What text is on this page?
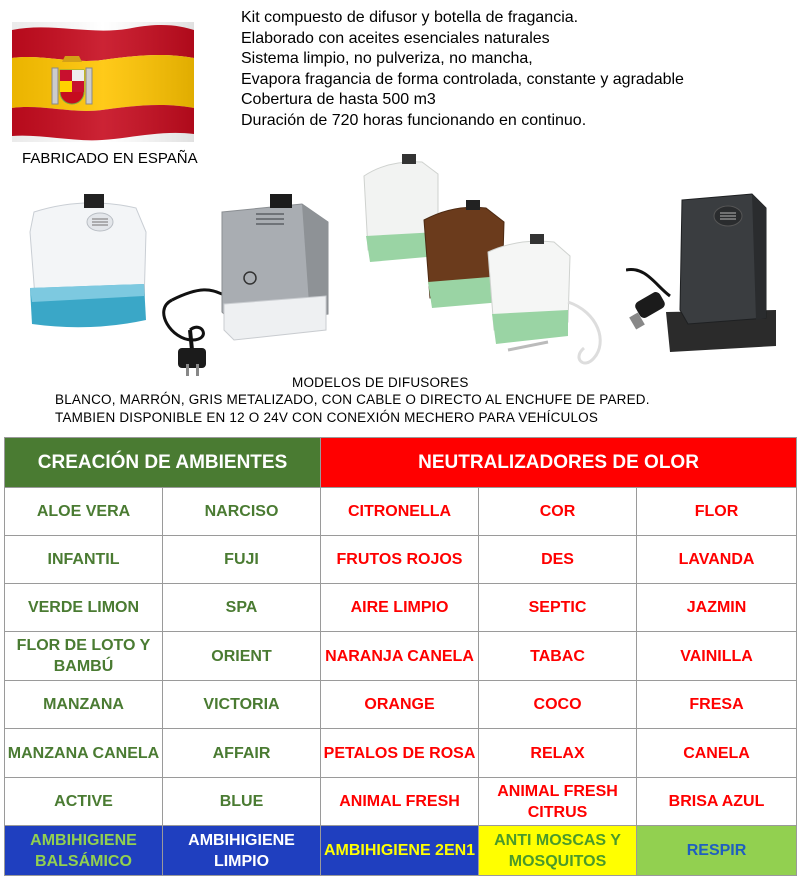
FABRICADO EN ESPAÑA
Kit compuesto de difusor y botella de fragancia.
Elaborado con aceites esenciales naturales
Sistema limpio, no pulveriza, no mancha,
Evapora fragancia de forma controlada, constante y agradable
Cobertura de hasta 500 m3
Duración de 720 horas funcionando en continuo.
MODELOS DE DIFUSORES
BLANCO, MARRÓN, GRIS METALIZADO, CON CABLE O DIRECTO AL ENCHUFE DE PARED.
TAMBIEN DISPONIBLE EN 12 O 24V CON CONEXIÓN MECHERO PARA VEHÍCULOS
CREACIÓN DE AMBIENTES		NEUTRALIZADORES DE OLOR		
ALOE VERA	NARCISO	CITRONELLA	COR	FLOR
INFANTIL	FUJI	FRUTOS ROJOS	DES	LAVANDA
VERDE LIMON	SPA	AIRE LIMPIO	SEPTIC	JAZMIN
FLOR DE LOTO Y BAMBÚ	ORIENT	NARANJA CANELA	TABAC	VAINILLA
MANZANA	VICTORIA	ORANGE	COCO	FRESA
MANZANA CANELA	AFFAIR	PETALOS DE ROSA	RELAX	CANELA
ACTIVE	BLUE	ANIMAL FRESH	ANIMAL FRESH CITRUS	BRISA AZUL
AMBIHIGIENE BALSÁMICO	AMBIHIGIENE LIMPIO	AMBIHIGIENE 2EN1	ANTI MOSCAS Y MOSQUITOS	RESPIR
